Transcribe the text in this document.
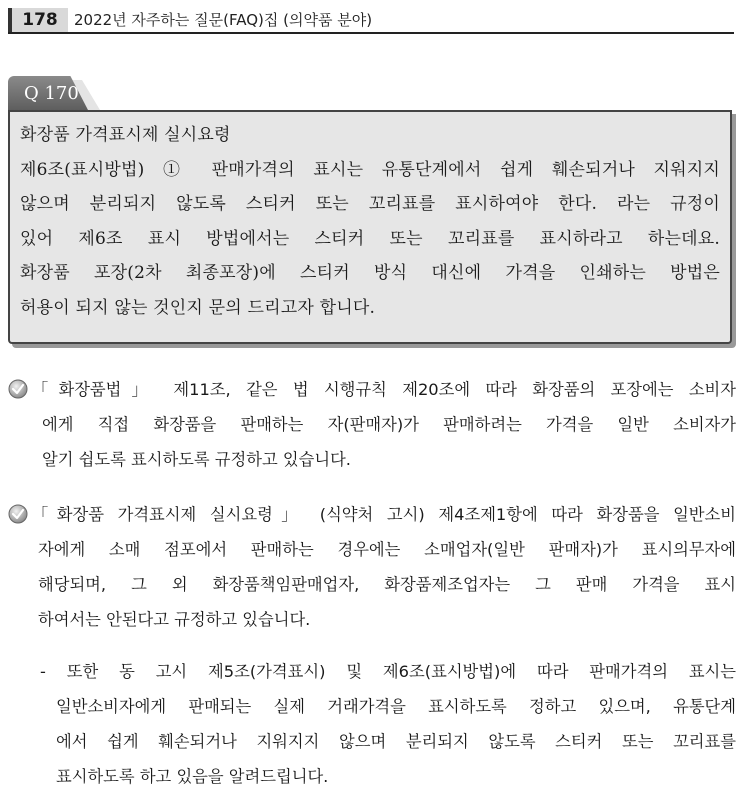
178	2022년 자주하는 질문(FAQ)집 (의약품 분야)
Q 170
화장품 가격표시제 실시요령
제6조(표시방법) ① 판매가격의 표시는 유통단계에서 쉽게 훼손되거나 지워지지
않으며 분리되지 않도록 스티커 또는 꼬리표를 표시하여야 한다. 라는 규정이
있어 제6조 표시 방법에서는 스티커 또는 꼬리표를 표시하라고 하는데요.
화장품 포장(2차 최종포장)에 스티커 방식 대신에 가격을 인쇄하는 방법은
허용이 되지 않는 것인지 문의 드리고자 합니다.
「화장품법」 제11조, 같은 법 시행규칙 제20조에 따라 화장품의 포장에는 소비자
에게 직접 화장품을 판매하는 자(판매자)가 판매하려는 가격을 일반 소비자가
알기 쉽도록 표시하도록 규정하고 있습니다.
「화장품 가격표시제 실시요령」 (식약처 고시) 제4조제1항에 따라 화장품을 일반소비
자에게 소매 점포에서 판매하는 경우에는 소매업자(일반 판매자)가 표시의무자에
해당되며, 그 외 화장품책임판매업자, 화장품제조업자는 그 판매 가격을 표시
하여서는 안된다고 규정하고 있습니다.
- 또한 동 고시 제5조(가격표시) 및 제6조(표시방법)에 따라 판매가격의 표시는
일반소비자에게 판매되는 실제 거래가격을 표시하도록 정하고 있으며, 유통단계
에서 쉽게 훼손되거나 지워지지 않으며 분리되지 않도록 스티커 또는 꼬리표를
표시하도록 하고 있음을 알려드립니다.
